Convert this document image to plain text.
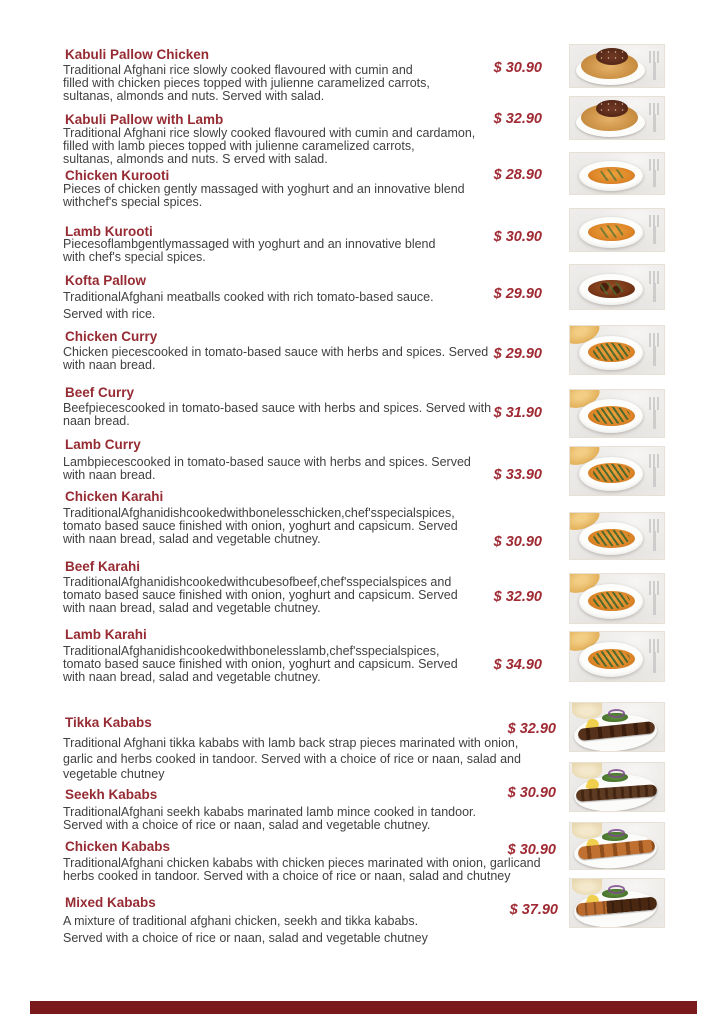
Kabuli Pallow Chicken
Traditional Afghani rice slowly cooked flavoured with cumin and
filled with chicken pieces topped with julienne caramelized carrots,
sultanas, almonds and nuts. Served with salad.
$ 30.90
Kabuli Pallow with Lamb
Traditional Afghani rice slowly cooked flavoured with cumin and cardamon,
filled with lamb pieces topped with julienne caramelized carrots,
sultanas, almonds and nuts. S erved with salad.
$ 32.90
Chicken Kurooti
Pieces of chicken gently massaged with yoghurt and an innovative blend
withchef's special spices.
$ 28.90
Lamb Kurooti
Piecesoflambgentlymassaged with yoghurt and an innovative blend
with chef's special spices.
$ 30.90
Kofta Pallow
TraditionalAfghani meatballs cooked with rich tomato-based sauce.
Served with rice.
$ 29.90
Chicken Curry
Chicken piecescooked in tomato-based sauce with herbs and spices. Served
with naan bread.
$ 29.90
Beef Curry
Beefpiecescooked in tomato-based sauce with herbs and spices. Served with
naan bread.
$ 31.90
Lamb Curry
Lambpiecescooked in tomato-based sauce with herbs and spices. Served
with naan bread.	$ 33.90
Chicken Karahi
TraditionalAfghanidishcookedwithbonelesschicken,chef'sspecialspices,
tomato based sauce finished with onion, yoghurt and capsicum. Served
with naan bread, salad and vegetable chutney.	$ 30.90
Beef Karahi
TraditionalAfghanidishcookedwithcubesofbeef,chef'sspecialspices and
tomato based sauce finished with onion, yoghurt and capsicum. Served
with naan bread, salad and vegetable chutney.
$ 32.90
Lamb Karahi
TraditionalAfghanidishcookedwithbonelesslamb,chef'sspecialspices,
tomato based sauce finished with onion, yoghurt and capsicum. Served
with naan bread, salad and vegetable chutney.
$ 34.90
Tikka Kababs
Traditional Afghani tikka kababs with lamb back strap pieces marinated with onion,
garlic and herbs cooked in tandoor. Served with a choice of rice or naan, salad and
vegetable chutney
$ 32.90
Seekh Kababs
TraditionalAfghani seekh kababs marinated lamb mince cooked in tandoor.
Served with a choice of rice or naan, salad and vegetable chutney.
$ 30.90
Chicken Kababs
TraditionalAfghani chicken kababs with chicken pieces marinated with onion, garlicand
herbs cooked in tandoor. Served with a choice of rice or naan, salad and chutney
$ 30.90
Mixed Kababs
A mixture of traditional afghani chicken, seekh and tikka kababs.
Served with a choice of rice or naan, salad and vegetable chutney
$ 37.90
